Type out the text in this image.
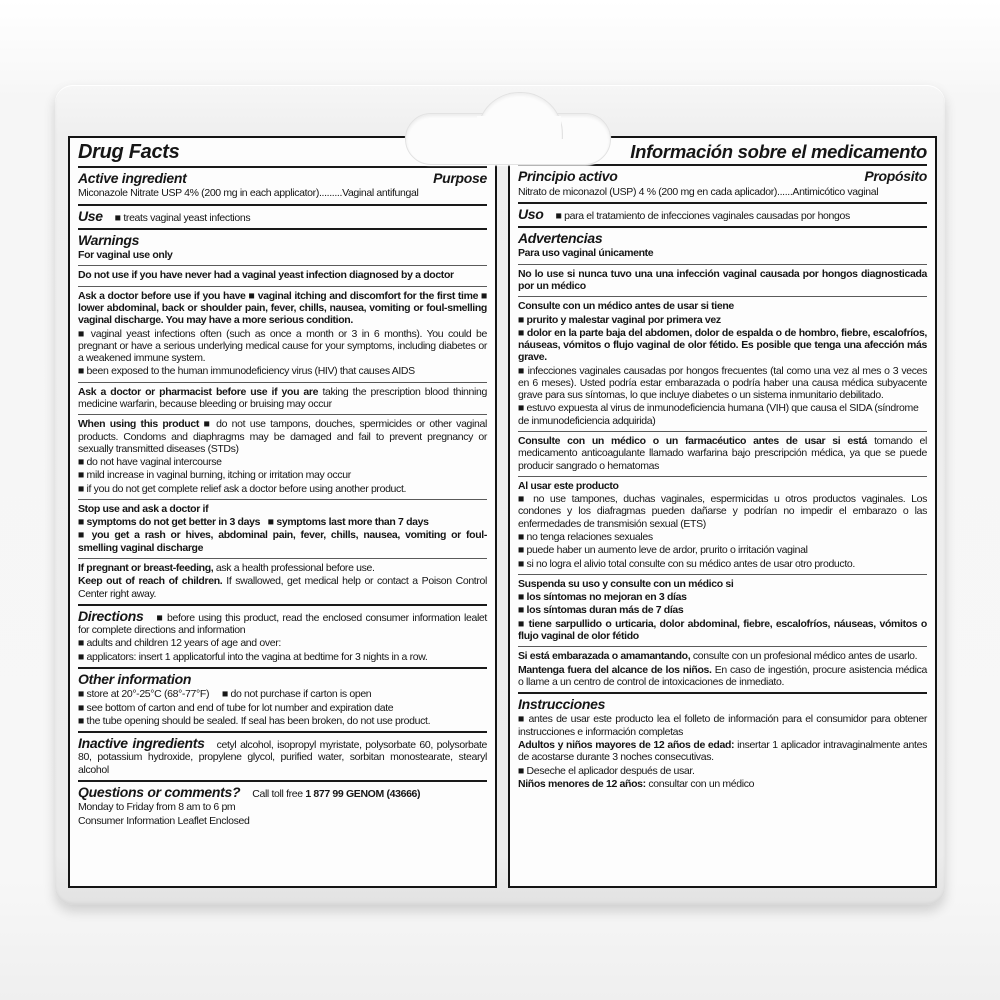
Drug Facts

Active ingredient	Purpose

Miconazole Nitrate USP 4% (200 mg in each applicator).........Vaginal antifungal

Use ■ treats vaginal yeast infections

Warnings

For vaginal use only

Do not use if you have never had a vaginal yeast infection diagnosed by a doctor

Ask a doctor before use if you have ■ vaginal itching and discomfort for the first time ■ lower abdominal, back or shoulder pain, fever, chills, nausea, vomiting or foul-smelling vaginal discharge. You may have a more serious condition.

■ vaginal yeast infections often (such as once a month or 3 in 6 months). You could be pregnant or have a serious underlying medical cause for your symptoms, including diabetes or a weakened immune system.

■ been exposed to the human immunodeficiency virus (HIV) that causes AIDS

Ask a doctor or pharmacist before use if you are taking the prescription blood thinning medicine warfarin, because bleeding or bruising may occur

When using this product ■ do not use tampons, douches, spermicides or other vaginal products. Condoms and diaphragms may be damaged and fail to prevent pregnancy or sexually transmitted diseases (STDs)

■ do not have vaginal intercourse

■ mild increase in vaginal burning, itching or irritation may occur

■ if you do not get complete relief ask a doctor before using another product.

Stop use and ask a doctor if

■ symptoms do not get better in 3 days   ■ symptoms last more than 7 days

■ you get a rash or hives, abdominal pain, fever, chills, nausea, vomiting or foul-smelling vaginal discharge

If pregnant or breast-feeding, ask a health professional before use.

Keep out of reach of children. If swallowed, get medical help or contact a Poison Control Center right away.

Directions ■ before using this product, read the enclosed consumer information lealet for complete directions and information

■ adults and children 12 years of age and over:

■ applicators: insert 1 applicatorful into the vagina at bedtime for 3 nights in a row.

Other information

■ store at 20°-25°C (68°-77°F)     ■ do not purchase if carton is open

■ see bottom of carton and end of tube for lot number and expiration date

■ the tube opening should be sealed. If seal has been broken, do not use product.

Inactive ingredients cetyl alcohol, isopropyl myristate, polysorbate 60, polysorbate 80, potassium hydroxide, propylene glycol, purified water, sorbitan monostearate, stearyl alcohol

Questions or comments? Call toll free 1 877 99 GENOM (43666)

Monday to Friday from 8 am to 6 pm

Consumer Information Leaflet Enclosed

Información sobre el medicamento

Principio activo	Propósito

Nitrato de miconazol (USP) 4 % (200 mg en cada aplicador)......Antimicótico vaginal

Uso ■ para el tratamiento de infecciones vaginales causadas por hongos

Advertencias

Para uso vaginal únicamente

No lo use si nunca tuvo una una infección vaginal causada por hongos diagnosticada por un médico

Consulte con un médico antes de usar si tiene

■ prurito y malestar vaginal por primera vez

■ dolor en la parte baja del abdomen, dolor de espalda o de hombro, fiebre, escalofríos, náuseas, vómitos o flujo vaginal de olor fétido. Es posible que tenga una afección más grave.

■ infecciones vaginales causadas por hongos frecuentes (tal como una vez al mes o 3 veces en 6 meses). Usted podría estar embarazada o podría haber una causa médica subyacente grave para sus síntomas, lo que incluye diabetes o un sistema inmunitario debilitado.

■ estuvo expuesta al virus de inmunodeficiencia humana (VIH) que causa el SIDA (síndrome de inmunodeficiencia adquirida)

Consulte con un médico o un farmacéutico antes de usar si está tomando el medicamento anticoagulante llamado warfarina bajo prescripción médica, ya que se puede producir sangrado o hematomas

Al usar este producto

■ no use tampones, duchas vaginales, espermicidas u otros productos vaginales. Los condones y los diafragmas pueden dañarse y podrían no impedir el embarazo o las enfermedades de transmisión sexual (ETS)

■ no tenga relaciones sexuales

■ puede haber un aumento leve de ardor, prurito o irritación vaginal

■ si no logra el alivio total consulte con su médico antes de usar otro producto.

Suspenda su uso y consulte con un médico si

■ los síntomas no mejoran en 3 días

■ los síntomas duran más de 7 días

■ tiene sarpullido o urticaria, dolor abdominal, fiebre, escalofríos, náuseas, vómitos o flujo vaginal de olor fétido

Si está embarazada o amamantando, consulte con un profesional médico antes de usarlo.

Mantenga fuera del alcance de los niños. En caso de ingestión, procure asistencia médica o llame a un centro de control de intoxicaciones de inmediato.

Instrucciones

■ antes de usar este producto lea el folleto de información para el consumidor para obtener instrucciones e información completas

Adultos y niños mayores de 12 años de edad: insertar 1 aplicador intravaginalmente antes de acostarse durante 3 noches consecutivas.

■ Deseche el aplicador después de usar.

Niños menores de 12 años: consultar con un médico
